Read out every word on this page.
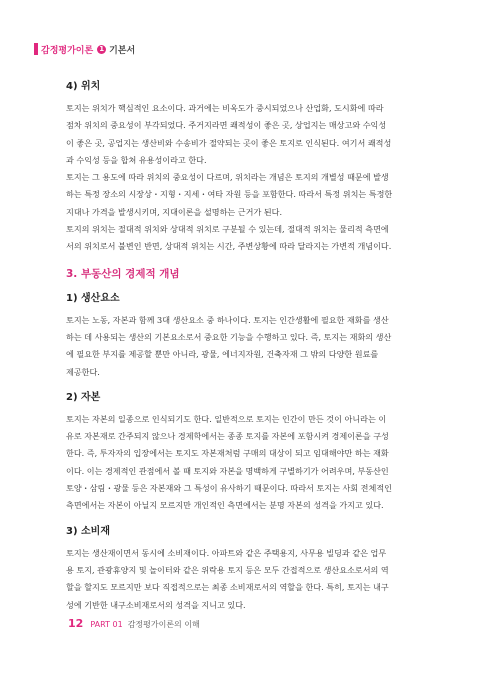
감정평가이론 1 기본서
4) 위치
토지는 위치가 핵심적인 요소이다. 과거에는 비옥도가 중시되었으나 산업화, 도시화에 따라
점차 위치의 중요성이 부각되었다. 주거지라면 쾌적성이 좋은 곳, 상업지는 매상고와 수익성
이 좋은 곳, 공업지는 생산비와 수송비가 절약되는 곳이 좋은 토지로 인식된다. 여기서 쾌적성
과 수익성 등을 합쳐 유용성이라고 한다.
토지는 그 용도에 따라 위치의 중요성이 다르며, 위치라는 개념은 토지의 개별성 때문에 발생
하는 특정 장소의 시장상・지형・지세・여타 자원 등을 포함한다. 따라서 특정 위치는 특정한
지대나 가격을 발생시키며, 지대이론을 설명하는 근거가 된다.
토지의 위치는 절대적 위치와 상대적 위치로 구분될 수 있는데, 절대적 위치는 물리적 측면에
서의 위치로서 불변인 반면, 상대적 위치는 시간, 주변상황에 따라 달라지는 가변적 개념이다.
3. 부동산의 경제적 개념
1) 생산요소
토지는 노동, 자본과 함께 3대 생산요소 중 하나이다. 토지는 인간생활에 필요한 재화를 생산
하는 데 사용되는 생산의 기본요소로서 중요한 기능을 수행하고 있다. 즉, 토지는 재화의 생산
에 필요한 부지를 제공할 뿐만 아니라, 광물, 에너지자원, 건축자재 그 밖의 다양한 원료를
제공한다.
2) 자본
토지는 자본의 일종으로 인식되기도 한다. 일반적으로 토지는 인간이 만든 것이 아니라는 이
유로 자본재로 간주되지 않으나 경제학에서는 종종 토지를 자본에 포함시켜 경제이론을 구성
한다. 즉, 투자자의 입장에서는 토지도 자본재처럼 구매의 대상이 되고 임대해야만 하는 재화
이다. 이는 경제적인 관점에서 볼 때 토지와 자본을 명백하게 구별하기가 어려우며, 부동산인
토양・삼림・광물 등은 자본재와 그 특성이 유사하기 때문이다. 따라서 토지는 사회 전체적인
측면에서는 자본이 아닐지 모르지만 개인적인 측면에서는 분명 자본의 성격을 가지고 있다.
3) 소비재
토지는 생산재이면서 동시에 소비재이다. 아파트와 같은 주택용지, 사무용 빌딩과 같은 업무
용 토지, 관광휴양지 및 놀이터와 같은 위락용 토지 등은 모두 간접적으로 생산요소로서의 역
할을 할지도 모르지만 보다 직접적으로는 최종 소비재로서의 역할을 한다. 특히, 토지는 내구
성에 기반한 내구소비재로서의 성격을 지니고 있다.
12 PART 01 감정평가이론의 이해
